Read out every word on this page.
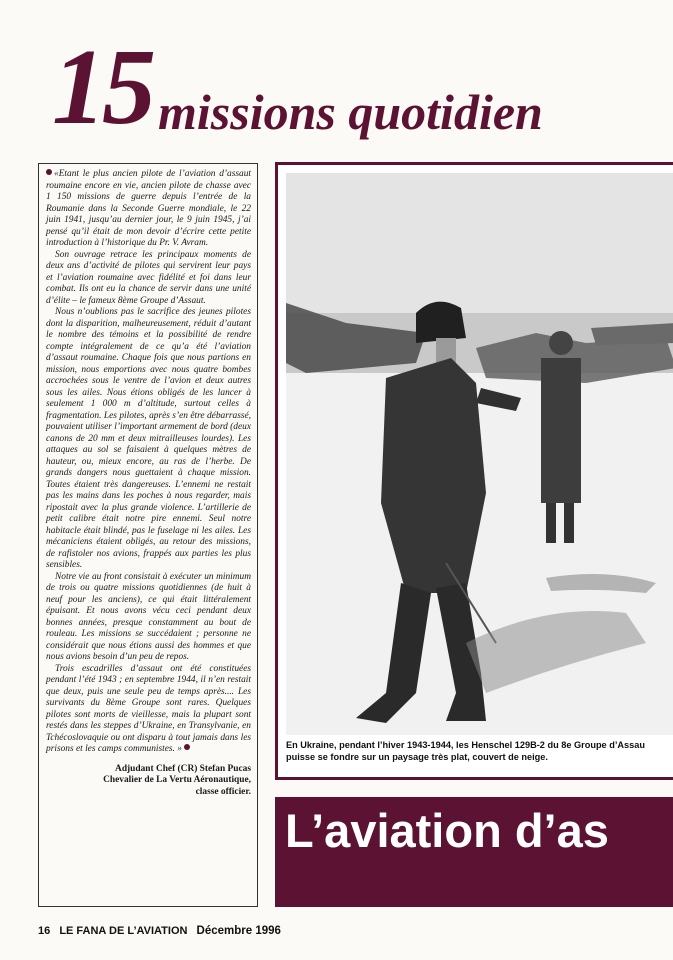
15 missions quotidien

«Etant le plus ancien pilote de l’aviation d’assaut roumaine encore en vie, ancien pilote de chasse avec 1 150 missions de guerre depuis l’entrée de la Roumanie dans la Seconde Guerre mondiale, le 22 juin 1941, jusqu’au dernier jour, le 9 juin 1945, j’ai pensé qu’il était de mon devoir d’écrire cette petite introduction à l’historique du Pr. V. Avram.

Son ouvrage retrace les principaux moments de deux ans d’activité de pilotes qui servirent leur pays et l’aviation roumaine avec fidélité et foi dans leur combat. Ils ont eu la chance de servir dans une unité d’élite – le fameux 8ème Groupe d’Assaut.

Nous n’oublions pas le sacrifice des jeunes pilotes dont la disparition, malheureusement, réduit d’autant le nombre des témoins et la possibilité de rendre compte intégralement de ce qu’a été l’aviation d’assaut roumaine. Chaque fois que nous partions en mission, nous emportions avec nous quatre bombes accrochées sous le ventre de l’avion et deux autres sous les ailes. Nous étions obligés de les lancer à seulement 1 000 m d’altitude, surtout celles à fragmentation. Les pilotes, après s’en être débarrassé, pouvaient utiliser l’important armement de bord (deux canons de 20 mm et deux mitrailleuses lourdes). Les attaques au sol se faisaient à quelques mètres de hauteur, ou, mieux encore, au ras de l’herbe. De grands dangers nous guettaient à chaque mission. Toutes étaient très dangereuses. L’ennemi ne restait pas les mains dans les poches à nous regarder, mais ripostait avec la plus grande violence. L’artillerie de petit calibre était notre pire ennemi. Seul notre habitacle était blindé, pas le fuselage ni les ailes. Les mécaniciens étaient obligés, au retour des missions, de rafistoler nos avions, frappés aux parties les plus sensibles.

Notre vie au front consistait à exécuter un minimum de trois ou quatre missions quotidiennes (de huit à neuf pour les anciens), ce qui était littéralement épuisant. Et nous avons vécu ceci pendant deux bonnes années, presque constamment au bout de rouleau. Les missions se succédaient ; personne ne considérait que nous étions aussi des hommes et que nous avions besoin d’un peu de repos.

Trois escadrilles d’assaut ont été constituées pendant l’été 1943 ; en septembre 1944, il n’en restait que deux, puis une seule peu de temps après.... Les survivants du 8ème Groupe sont rares. Quelques pilotes sont morts de vieillesse, mais la plupart sont restés dans les steppes d’Ukraine, en Transylvanie, en Tchécoslovaquie ou ont disparu à tout jamais dans les prisons et les camps communistes. »

Adjudant Chef (CR) Stefan Pucas
Chevalier de La Vertu Aéronautique,
classe officier.
En Ukraine, pendant l’hiver 1943-1944, les Henschel 129B-2 du 8e Groupe d’Assau
puisse se fondre sur un paysage très plat, couvert de neige.
L’aviation d’as
16 LE FANA DE L’AVIATION Décembre 1996
